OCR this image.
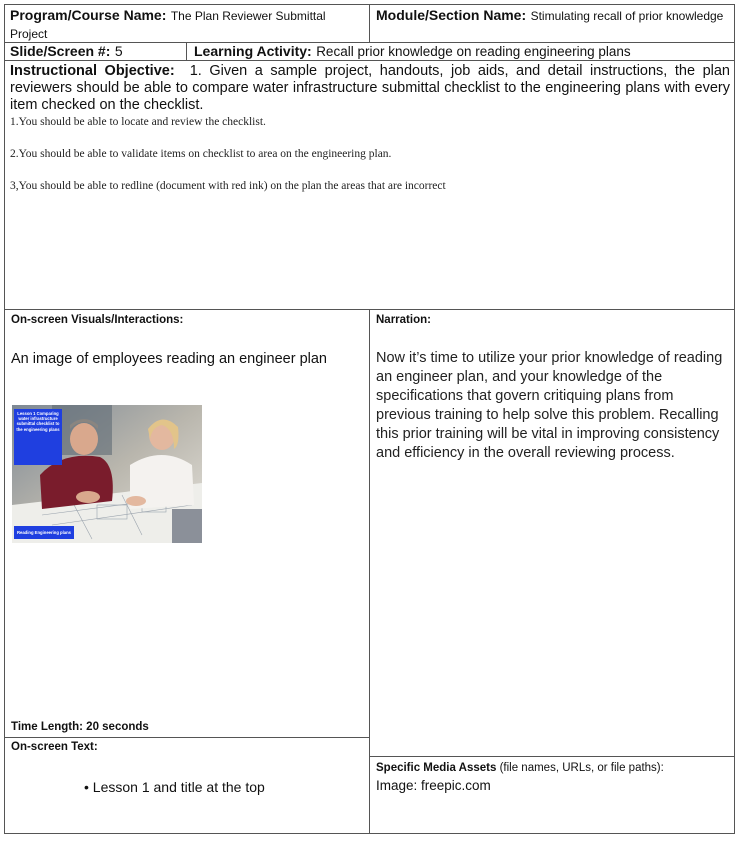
Program/Course Name: The Plan Reviewer Submittal Project
Module/Section Name: Stimulating recall of prior knowledge
Slide/Screen #: 5	Learning Activity: Recall prior knowledge on reading engineering plans
Instructional Objective: 1. Given a sample project, handouts, job aids, and detail instructions, the plan reviewers should be able to compare water infrastructure submittal checklist to the engineering plans with every item checked on the checklist.
1.You should be able to locate and review the checklist.
2.You should be able to validate items on checklist to area on the engineering plan.
3,You should be able to redline (document with red ink) on the plan the areas that are incorrect
On-screen Visuals/Interactions:
An image of employees reading an engineer plan
Lesson 1 Comparing water infrastructure submittal checklist to the engineering plans
Reading Engineering plans
Time Length: 20 seconds
On-screen Text:
• Lesson 1 and title at the top
Narration:
Now it’s time to utilize your prior knowledge of reading an engineer plan, and your knowledge of the specifications that govern critiquing plans from previous training to help solve this problem. Recalling this prior training will be vital in improving consistency and efficiency in the overall reviewing process.
Specific Media Assets (file names, URLs, or file paths):
Image: freepic.com
